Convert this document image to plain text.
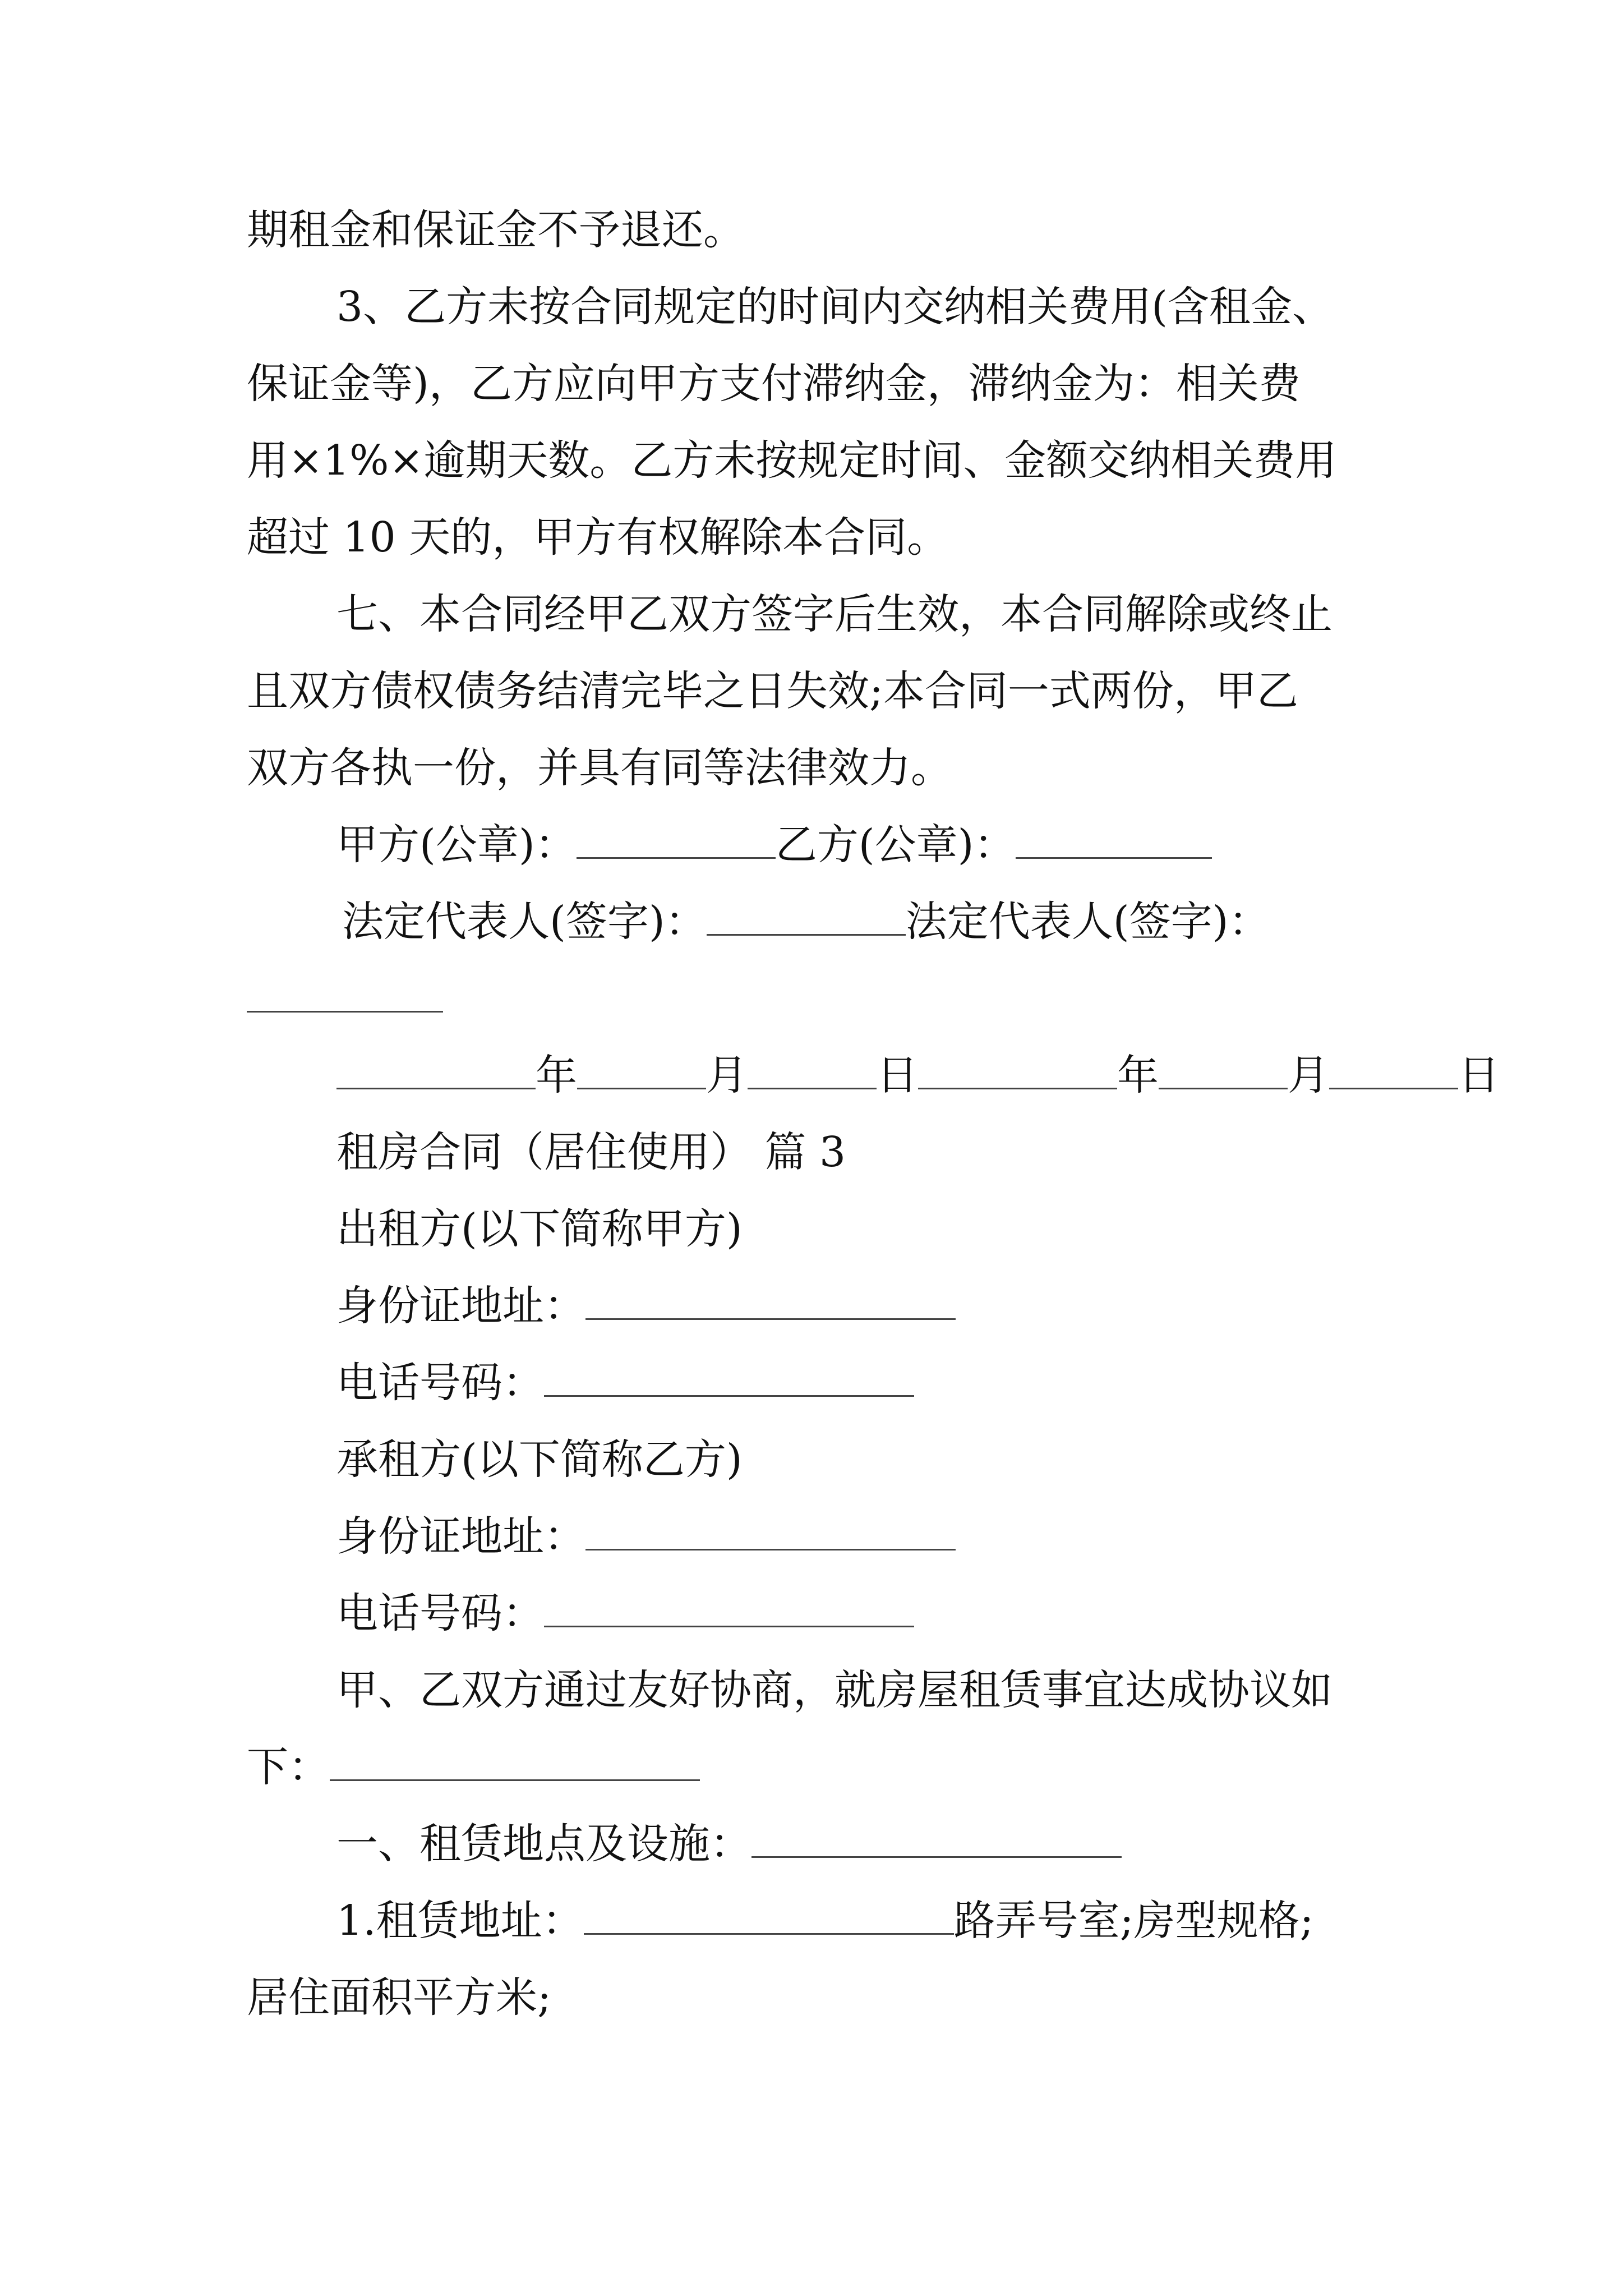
期租金和保证金不予退还。
3、乙方未按合同规定的时间内交纳相关费用(含租金、
保证金等)，乙方应向甲方支付滞纳金，滞纳金为：相关费
用×1%×逾期天数。乙方未按规定时间、金额交纳相关费用
超过 10 天的，甲方有权解除本合同。
七、本合同经甲乙双方签字后生效，本合同解除或终止
且双方债权债务结清完毕之日失效;本合同一式两份，甲乙
双方各执一份，并具有同等法律效力。
甲方(公章)：	乙方(公章)：
法定代表人(签字)：	法定代表人(签字)：
年	月	日	年	月	日
租房合同（居住使用） 篇 3
出租方(以下简称甲方)
身份证地址：
电话号码：
承租方(以下简称乙方)
身份证地址：
电话号码：
甲、乙双方通过友好协商，就房屋租赁事宜达成协议如
下：
一、租赁地点及设施：
1.租赁地址：	路弄号室;房型规格;
居住面积平方米;
